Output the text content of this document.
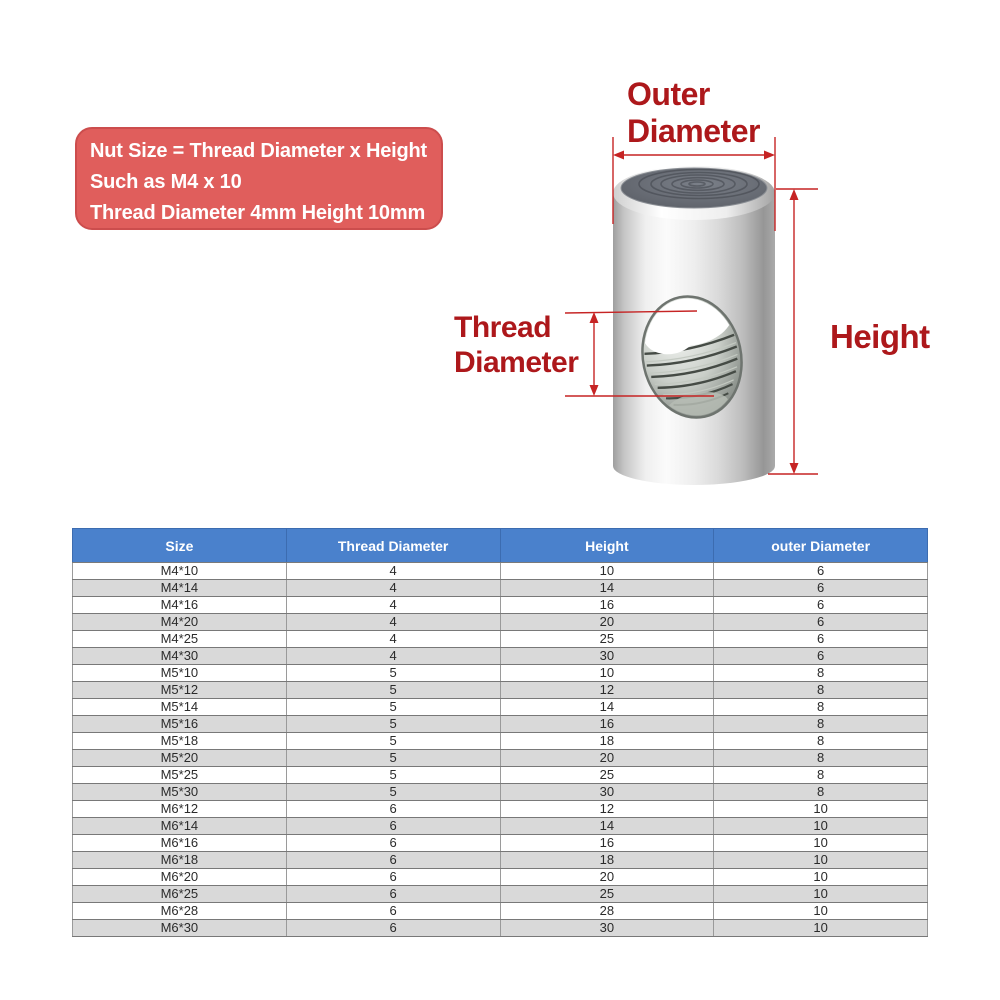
Nut Size = Thread Diameter x Height
Such as M4 x 10
Thread Diameter 4mm Height 10mm
Outer
Diameter
Thread
Diameter
Height
Size	Thread Diameter	Height	outer Diameter
M4*10	4	10	6
M4*14	4	14	6
M4*16	4	16	6
M4*20	4	20	6
M4*25	4	25	6
M4*30	4	30	6
M5*10	5	10	8
M5*12	5	12	8
M5*14	5	14	8
M5*16	5	16	8
M5*18	5	18	8
M5*20	5	20	8
M5*25	5	25	8
M5*30	5	30	8
M6*12	6	12	10
M6*14	6	14	10
M6*16	6	16	10
M6*18	6	18	10
M6*20	6	20	10
M6*25	6	25	10
M6*28	6	28	10
M6*30	6	30	10
